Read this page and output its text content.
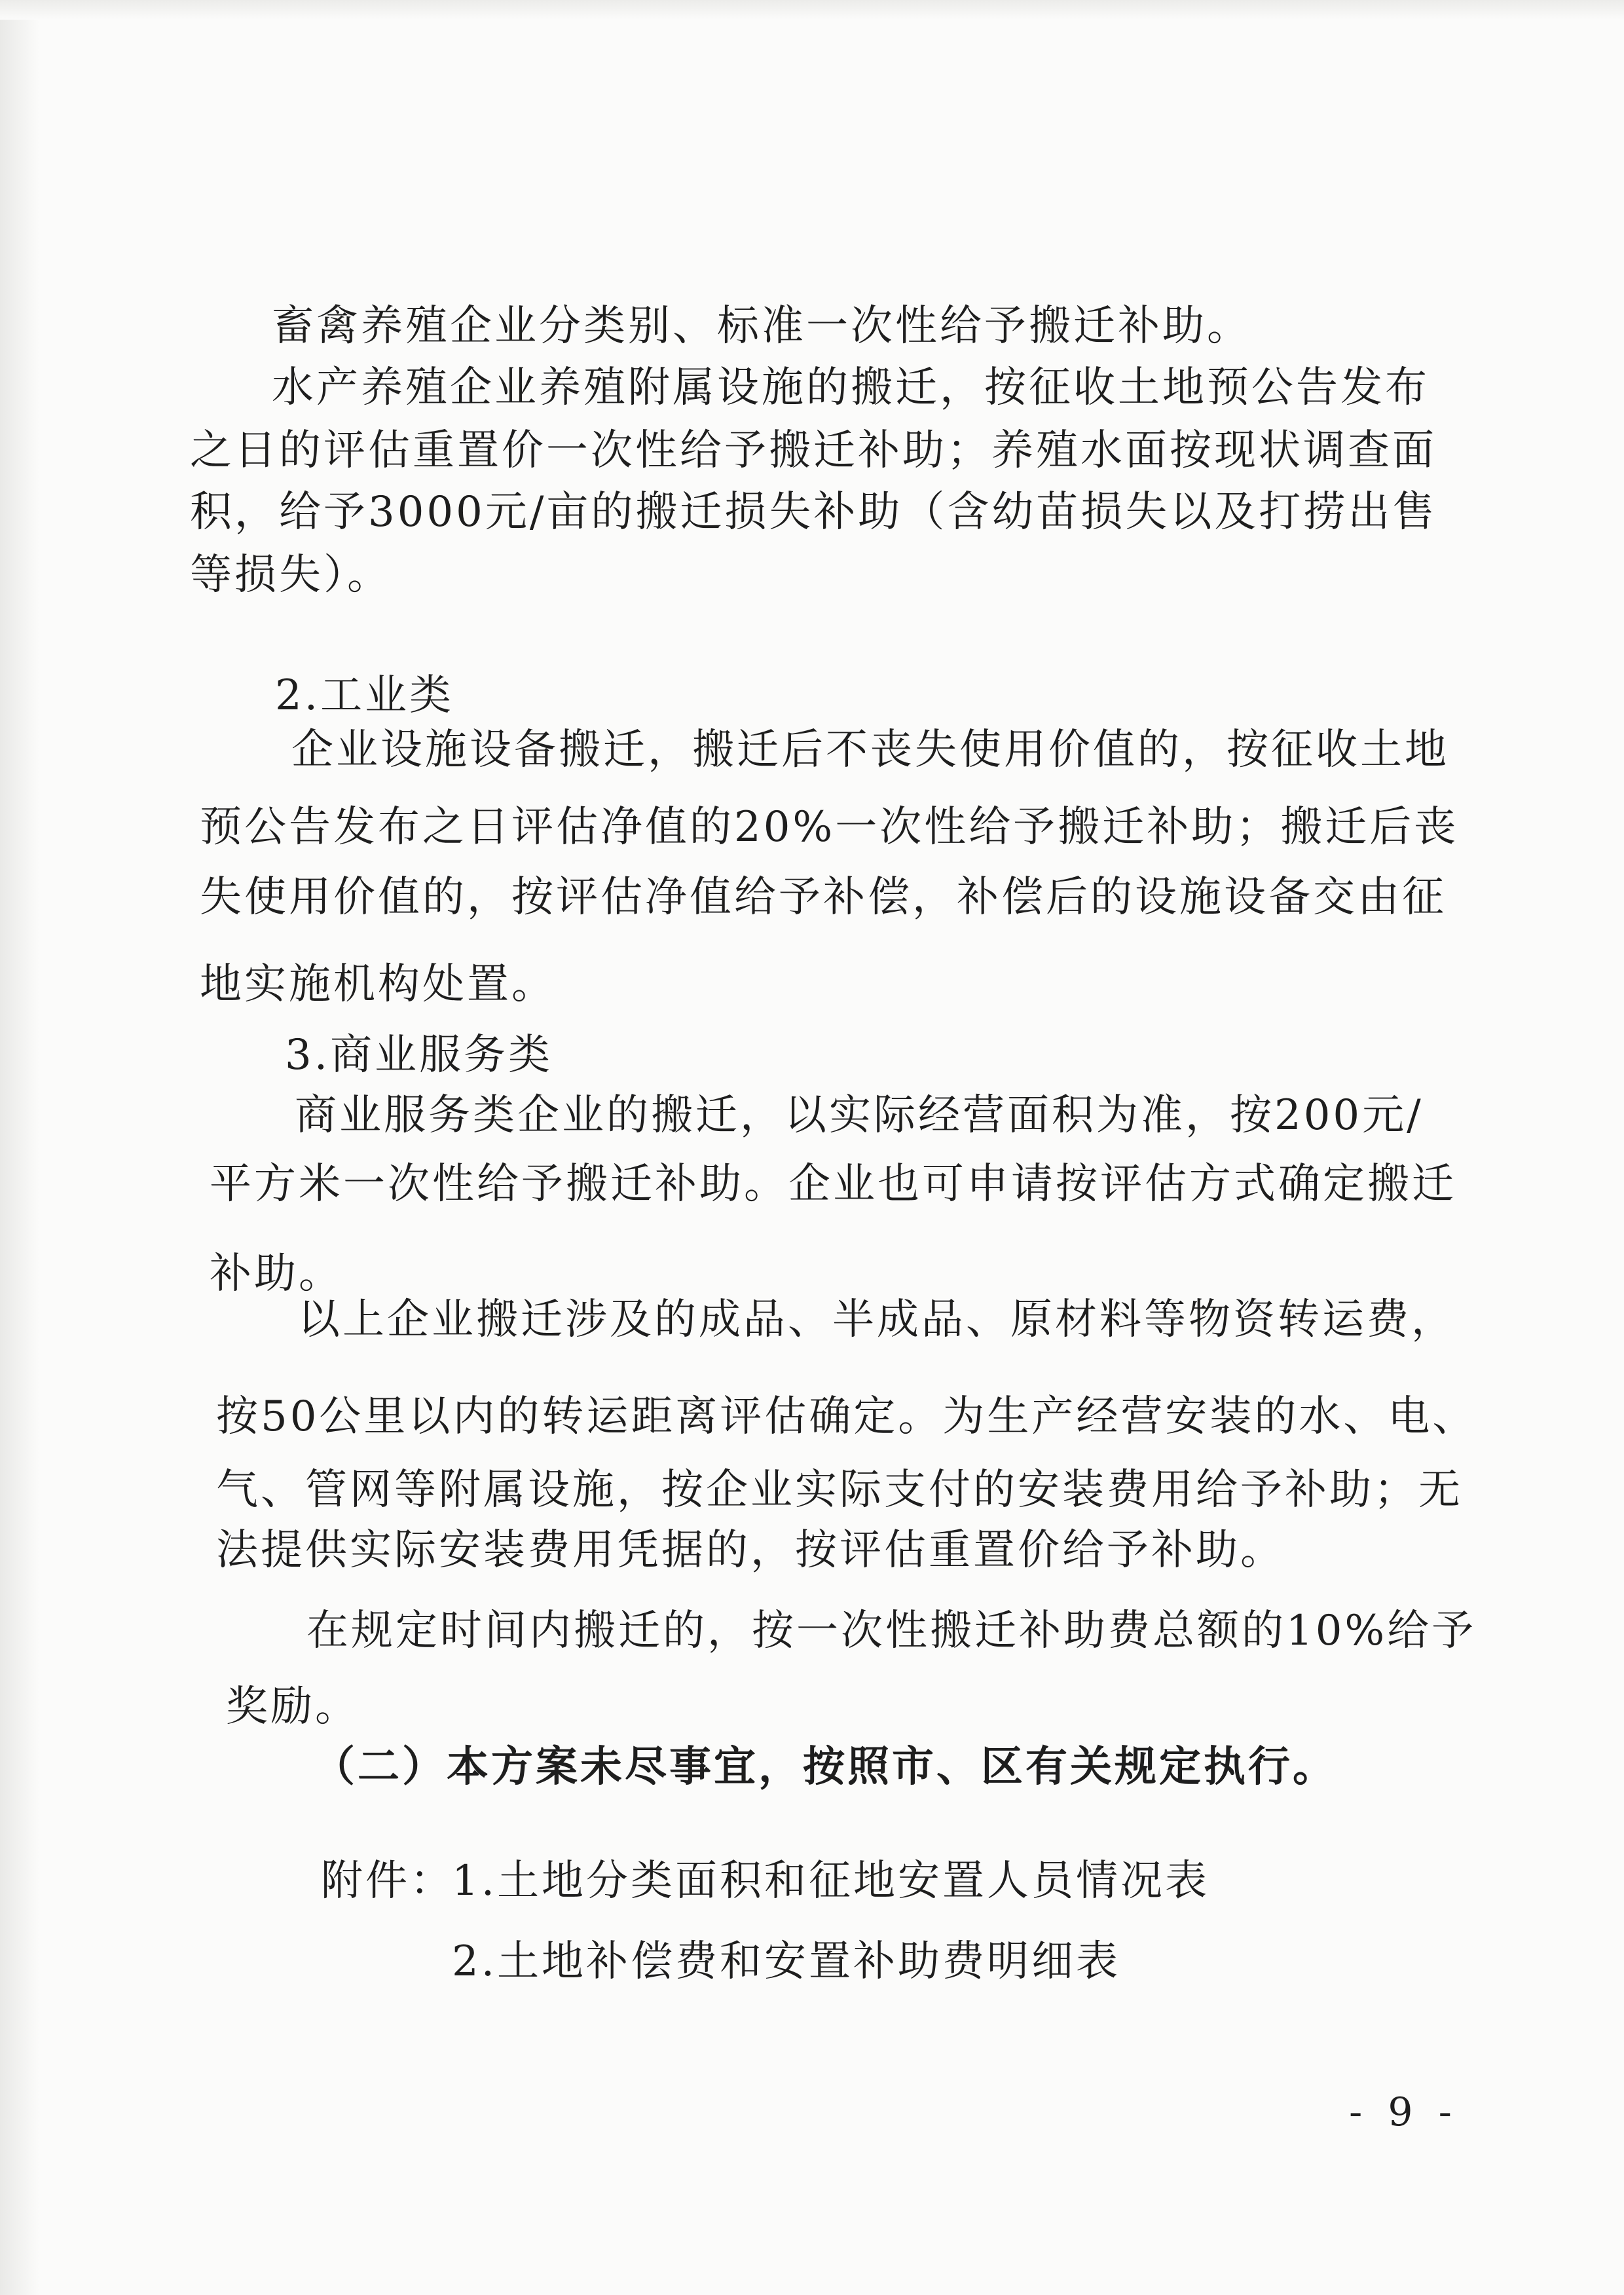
畜禽养殖企业分类别、标准一次性给予搬迁补助。
水产养殖企业养殖附属设施的搬迁，按征收土地预公告发布
之日的评估重置价一次性给予搬迁补助；养殖水面按现状调查面
积，给予3000元/亩的搬迁损失补助（含幼苗损失以及打捞出售
等损失）。
2.工业类
企业设施设备搬迁，搬迁后不丧失使用价值的，按征收土地
预公告发布之日评估净值的20%一次性给予搬迁补助；搬迁后丧
失使用价值的，按评估净值给予补偿，补偿后的设施设备交由征
地实施机构处置。
3.商业服务类
商业服务类企业的搬迁，以实际经营面积为准，按200元/
平方米一次性给予搬迁补助。企业也可申请按评估方式确定搬迁
补助。
以上企业搬迁涉及的成品、半成品、原材料等物资转运费，
按50公里以内的转运距离评估确定。为生产经营安装的水、电、
气、管网等附属设施，按企业实际支付的安装费用给予补助；无
法提供实际安装费用凭据的，按评估重置价给予补助。
在规定时间内搬迁的，按一次性搬迁补助费总额的10%给予
奖励。
（二）本方案未尽事宜，按照市、区有关规定执行。
附件：
1.土地分类面积和征地安置人员情况表
2.土地补偿费和安置补助费明细表
- 9 -
